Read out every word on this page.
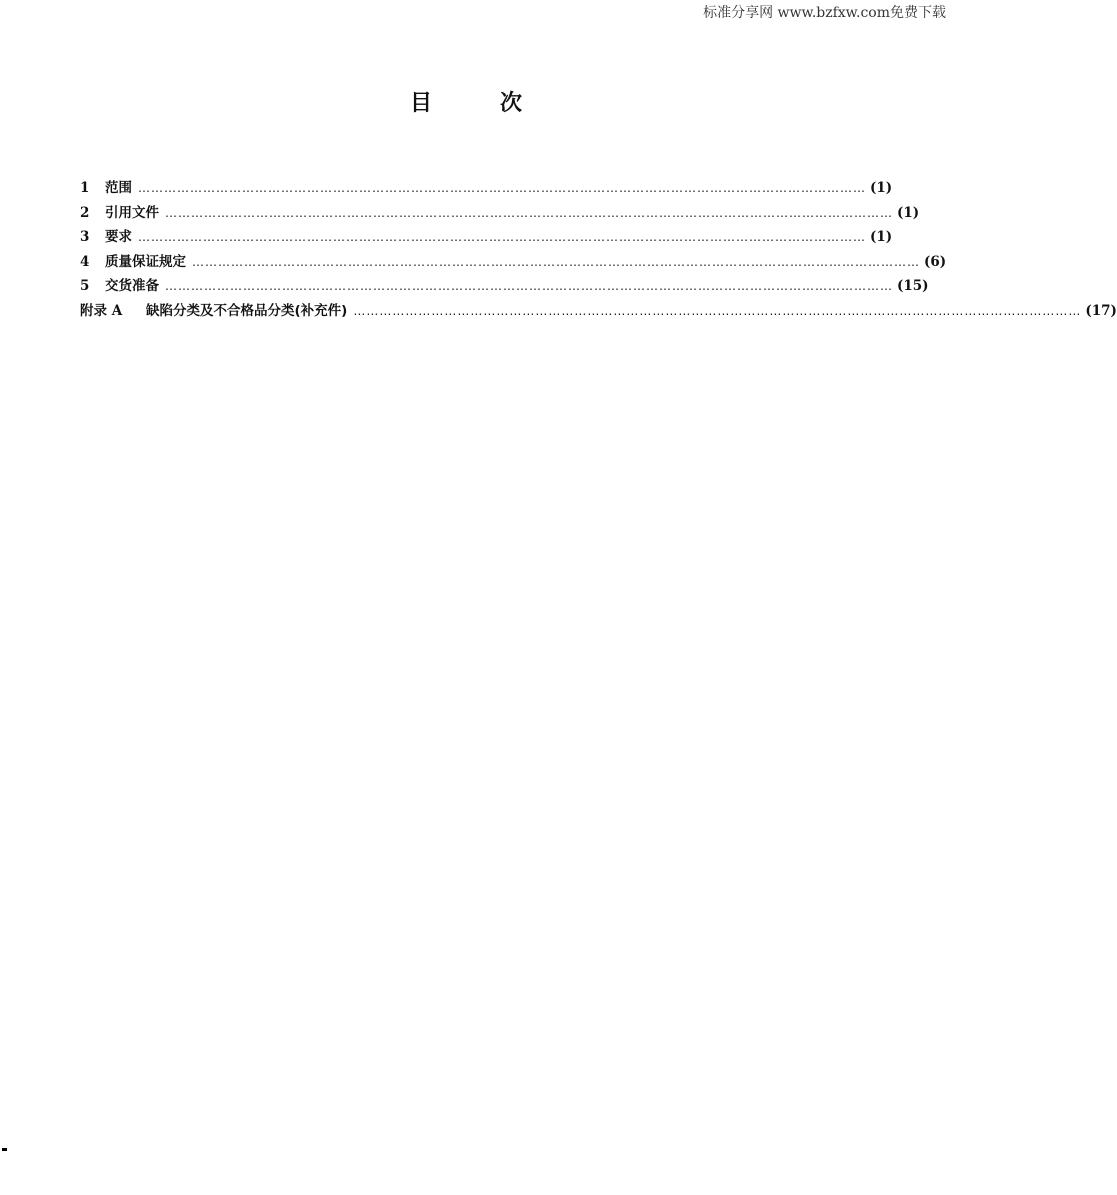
标准分享网 www.bzfxw.com免费下载
目次
1	范围 …………………………………………………………………………………………………………………………………………………… (1)
2	引用文件 …………………………………………………………………………………………………………………………………………………… (1)
3	要求 …………………………………………………………………………………………………………………………………………………… (1)
4	质量保证规定 …………………………………………………………………………………………………………………………………………………… (6)
5	交货准备 …………………………………………………………………………………………………………………………………………………… (15)
附录 A	缺陷分类及不合格品分类(补充件) …………………………………………………………………………………………………………………………………………………… (17)
